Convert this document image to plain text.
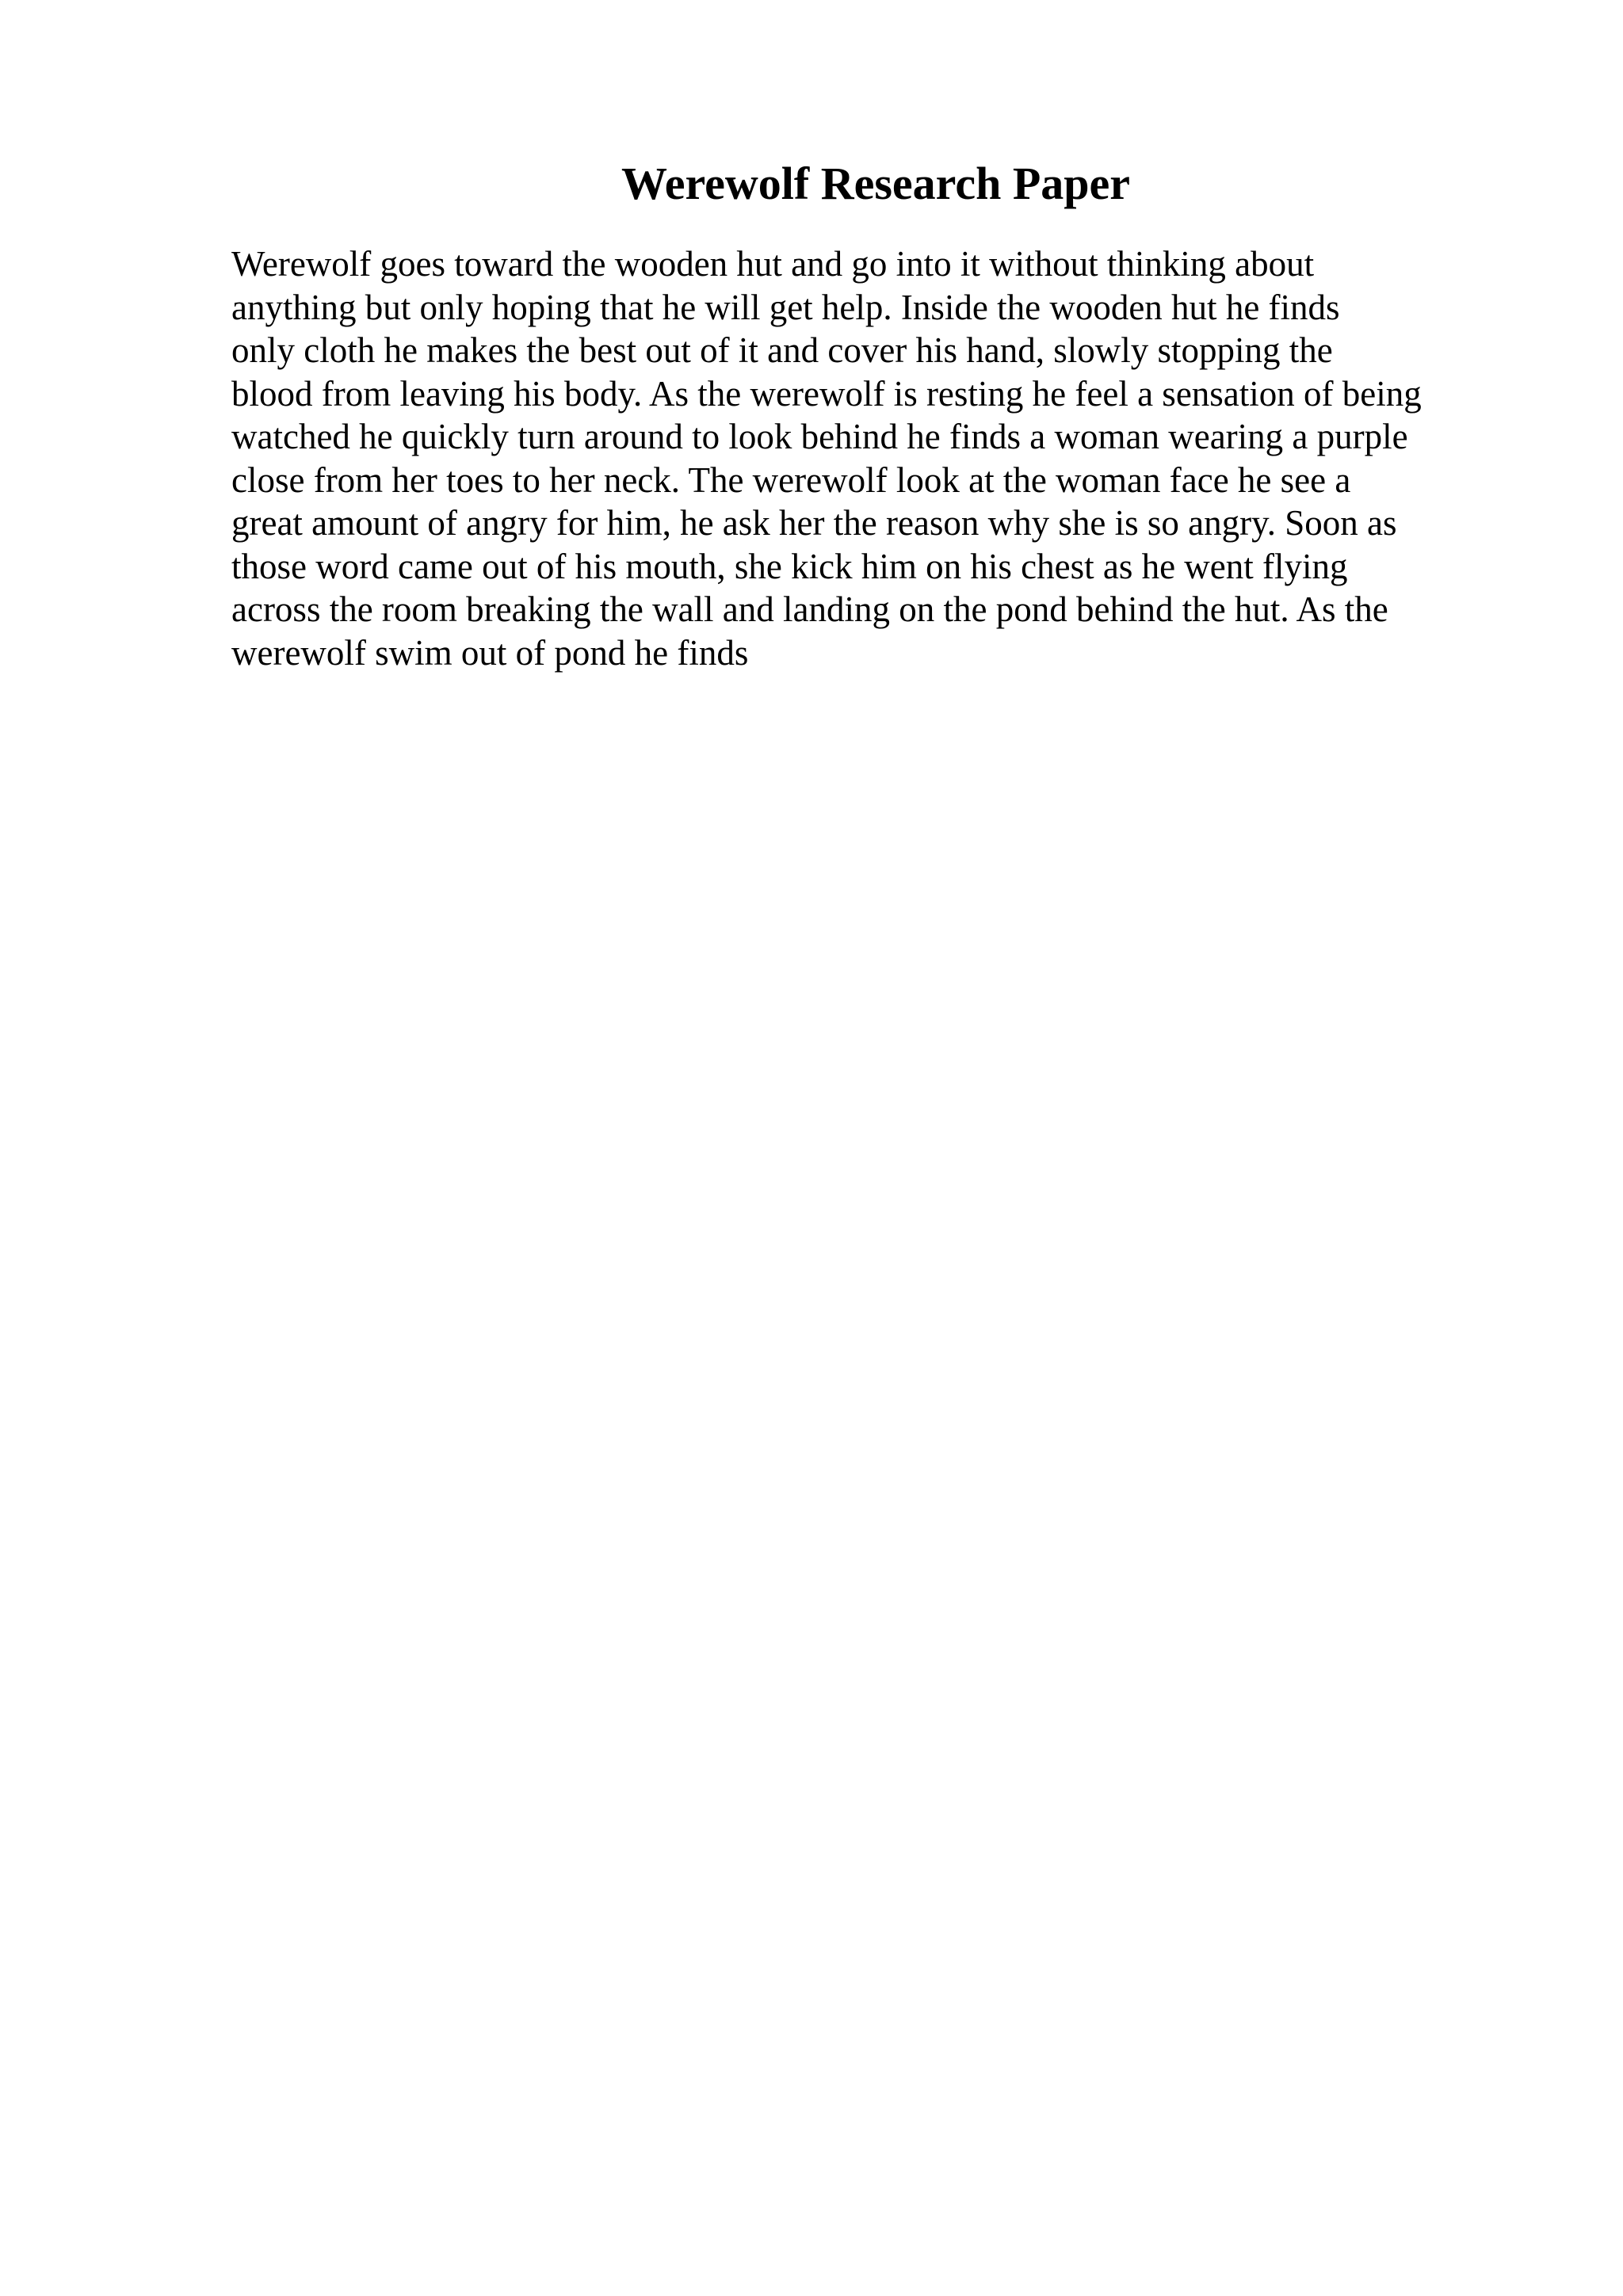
Werewolf Research Paper
Werewolf goes toward the wooden hut and go into it without thinking about
anything but only hoping that he will get help. Inside the wooden hut he finds
only cloth he makes the best out of it and cover his hand, slowly stopping the
blood from leaving his body. As the werewolf is resting he feel a sensation of being
watched he quickly turn around to look behind he finds a woman wearing a purple
close from her toes to her neck. The werewolf look at the woman face he see a
great amount of angry for him, he ask her the reason why she is so angry. Soon as
those word came out of his mouth, she kick him on his chest as he went flying
across the room breaking the wall and landing on the pond behind the hut. As the
werewolf swim out of pond he finds
